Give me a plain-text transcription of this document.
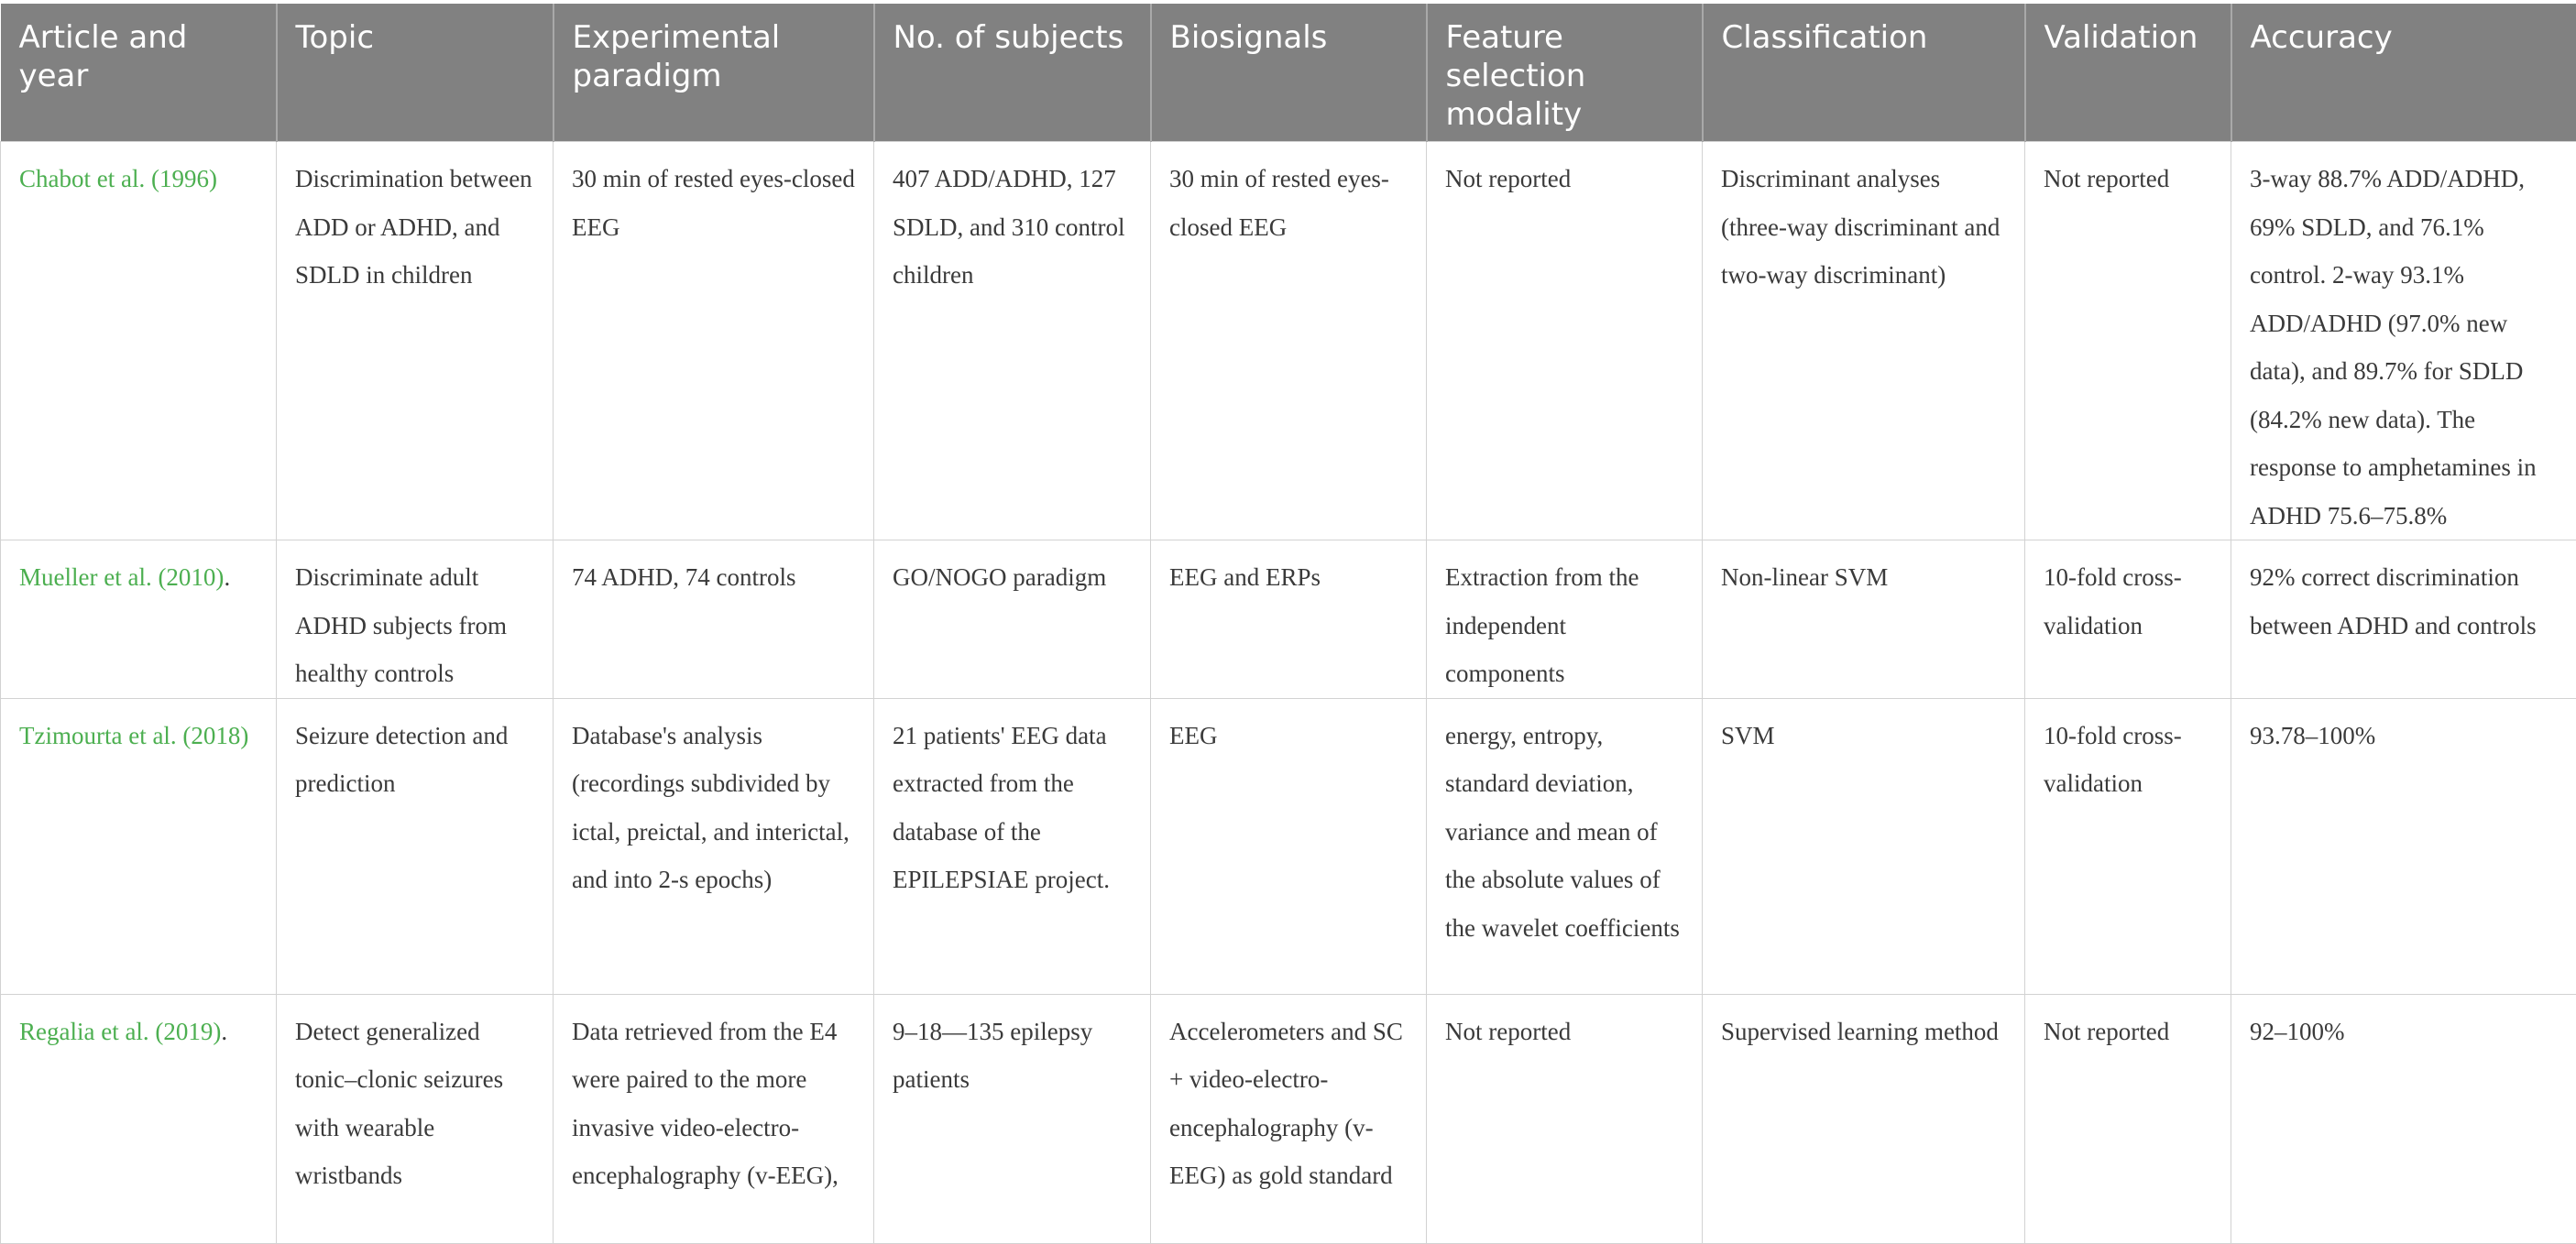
Article and year	Topic	Experimental paradigm	No. of subjects	Biosignals	Feature selection modality	Classification	Validation	Accuracy
Chabot et al. (1996)	Discrimination between ADD or ADHD, and SDLD in children	30 min of rested eyes-closed EEG	407 ADD/ADHD, 127 SDLD, and 310 control children	30 min of rested eyes-closed EEG	Not reported	Discriminant analyses (three-way discriminant and two-way discriminant)	Not reported	3-way 88.7% ADD/ADHD, 69% SDLD, and 76.1% control. 2-way 93.1% ADD/ADHD (97.0% new data), and 89.7% for SDLD (84.2% new data). The response to amphetamines in ADHD 75.6–75.8%
Mueller et al. (2010).	Discriminate adult ADHD subjects from healthy controls	74 ADHD, 74 controls	GO/NOGO paradigm	EEG and ERPs	Extraction from the independent components	Non-linear SVM	10-fold cross-validation	92% correct discrimination between ADHD and controls
Tzimourta et al. (2018)	Seizure detection and prediction	Database's analysis (recordings subdivided by ictal, preictal, and interictal, and into 2-s epochs)	21 patients' EEG data extracted from the database of the EPILEPSIAE project.	EEG	energy, entropy, standard deviation, variance and mean of the absolute values of the wavelet coefficients	SVM	10-fold cross-validation	93.78–100%
Regalia et al. (2019).	Detect generalized tonic–clonic seizures with wearable wristbands	Data retrieved from the E4 were paired to the more invasive video-electro-encephalography (v-EEG),	9–18—135 epilepsy patients	Accelerometers and SC + video-electro-encephalography (v-EEG) as gold standard	Not reported	Supervised learning method	Not reported	92–100%
